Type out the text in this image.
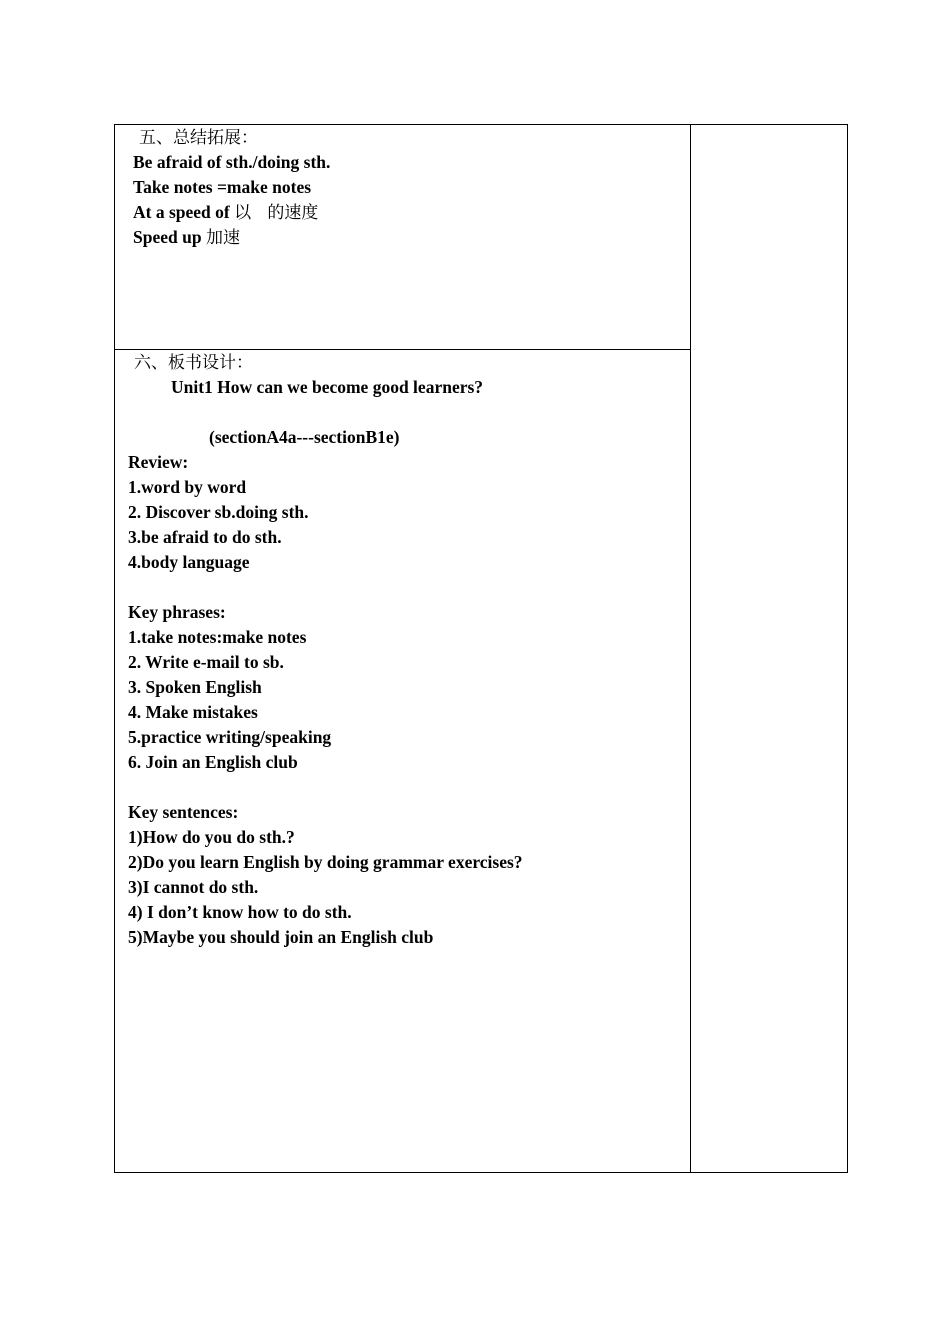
五、总结拓展：
Be afraid of sth./doing sth.
Take notes =make notes
At a speed of 以   的速度
Speed up 加速

六、板书设计：
Unit1 How can we become good learners?
(sectionA4a---sectionB1e)
Review:
1.word by word
2. Discover sb.doing sth.
3.be afraid to do sth.
4.body language
Key phrases:
1.take notes:make notes
2. Write e-mail to sb.
3. Spoken English
4. Make mistakes
5.practice writing/speaking
6. Join an English club
Key sentences:
1)How do you do sth.?
2)Do you learn English by doing grammar exercises?
3)I cannot do sth.
4) I don’t know how to do sth.
5)Maybe you should join an English club
